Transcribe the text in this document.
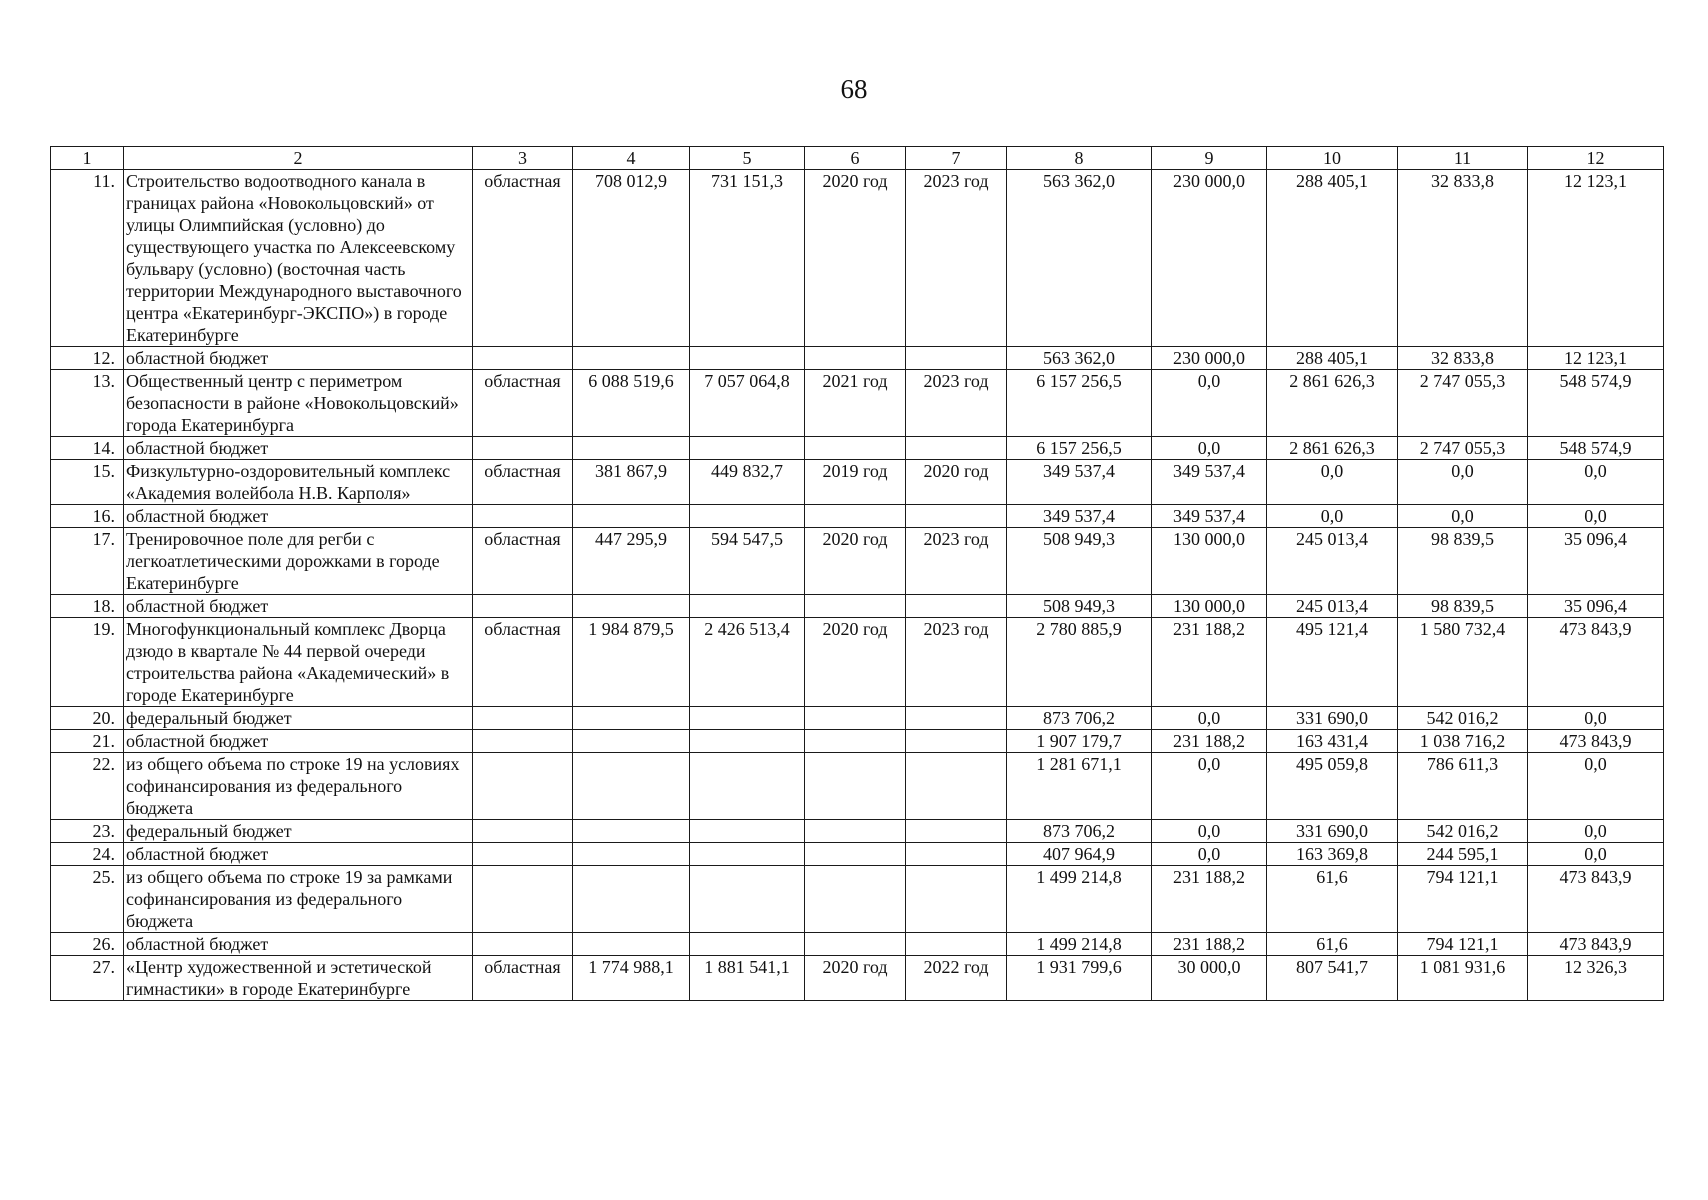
68
1	2	3	4	5	6	7	8	9	10	11	12
11.	Строительство водоотводного канала в границах района «Новокольцовский» от улицы Олимпийская (условно) до существующего участка по Алексеевскому бульвару (условно) (восточная часть территории Международного выставочного центра «Екатеринбург-ЭКСПО») в городе Екатеринбурге	областная	708 012,9	731 151,3	2020 год	2023 год	563 362,0	230 000,0	288 405,1	32 833,8	12 123,1
12.	областной бюджет						563 362,0	230 000,0	288 405,1	32 833,8	12 123,1
13.	Общественный центр с периметром безопасности в районе «Новокольцовский» города Екатеринбурга	областная	6 088 519,6	7 057 064,8	2021 год	2023 год	6 157 256,5	0,0	2 861 626,3	2 747 055,3	548 574,9
14.	областной бюджет						6 157 256,5	0,0	2 861 626,3	2 747 055,3	548 574,9
15.	Физкультурно-оздоровительный комплекс «Академия волейбола Н.В. Карполя»	областная	381 867,9	449 832,7	2019 год	2020 год	349 537,4	349 537,4	0,0	0,0	0,0
16.	областной бюджет						349 537,4	349 537,4	0,0	0,0	0,0
17.	Тренировочное поле для регби с легкоатлетическими дорожками в городе Екатеринбурге	областная	447 295,9	594 547,5	2020 год	2023 год	508 949,3	130 000,0	245 013,4	98 839,5	35 096,4
18.	областной бюджет						508 949,3	130 000,0	245 013,4	98 839,5	35 096,4
19.	Многофункциональный комплекс Дворца дзюдо в квартале № 44 первой очереди строительства района «Академический» в городе Екатеринбурге	областная	1 984 879,5	2 426 513,4	2020 год	2023 год	2 780 885,9	231 188,2	495 121,4	1 580 732,4	473 843,9
20.	федеральный бюджет						873 706,2	0,0	331 690,0	542 016,2	0,0
21.	областной бюджет						1 907 179,7	231 188,2	163 431,4	1 038 716,2	473 843,9
22.	из общего объема по строке 19 на условиях софинансирования из федерального бюджета						1 281 671,1	0,0	495 059,8	786 611,3	0,0
23.	федеральный бюджет						873 706,2	0,0	331 690,0	542 016,2	0,0
24.	областной бюджет						407 964,9	0,0	163 369,8	244 595,1	0,0
25.	из общего объема по строке 19 за рамками софинансирования из федерального бюджета						1 499 214,8	231 188,2	61,6	794 121,1	473 843,9
26.	областной бюджет						1 499 214,8	231 188,2	61,6	794 121,1	473 843,9
27.	«Центр художественной и эстетической гимнастики» в городе Екатеринбурге	областная	1 774 988,1	1 881 541,1	2020 год	2022 год	1 931 799,6	30 000,0	807 541,7	1 081 931,6	12 326,3
